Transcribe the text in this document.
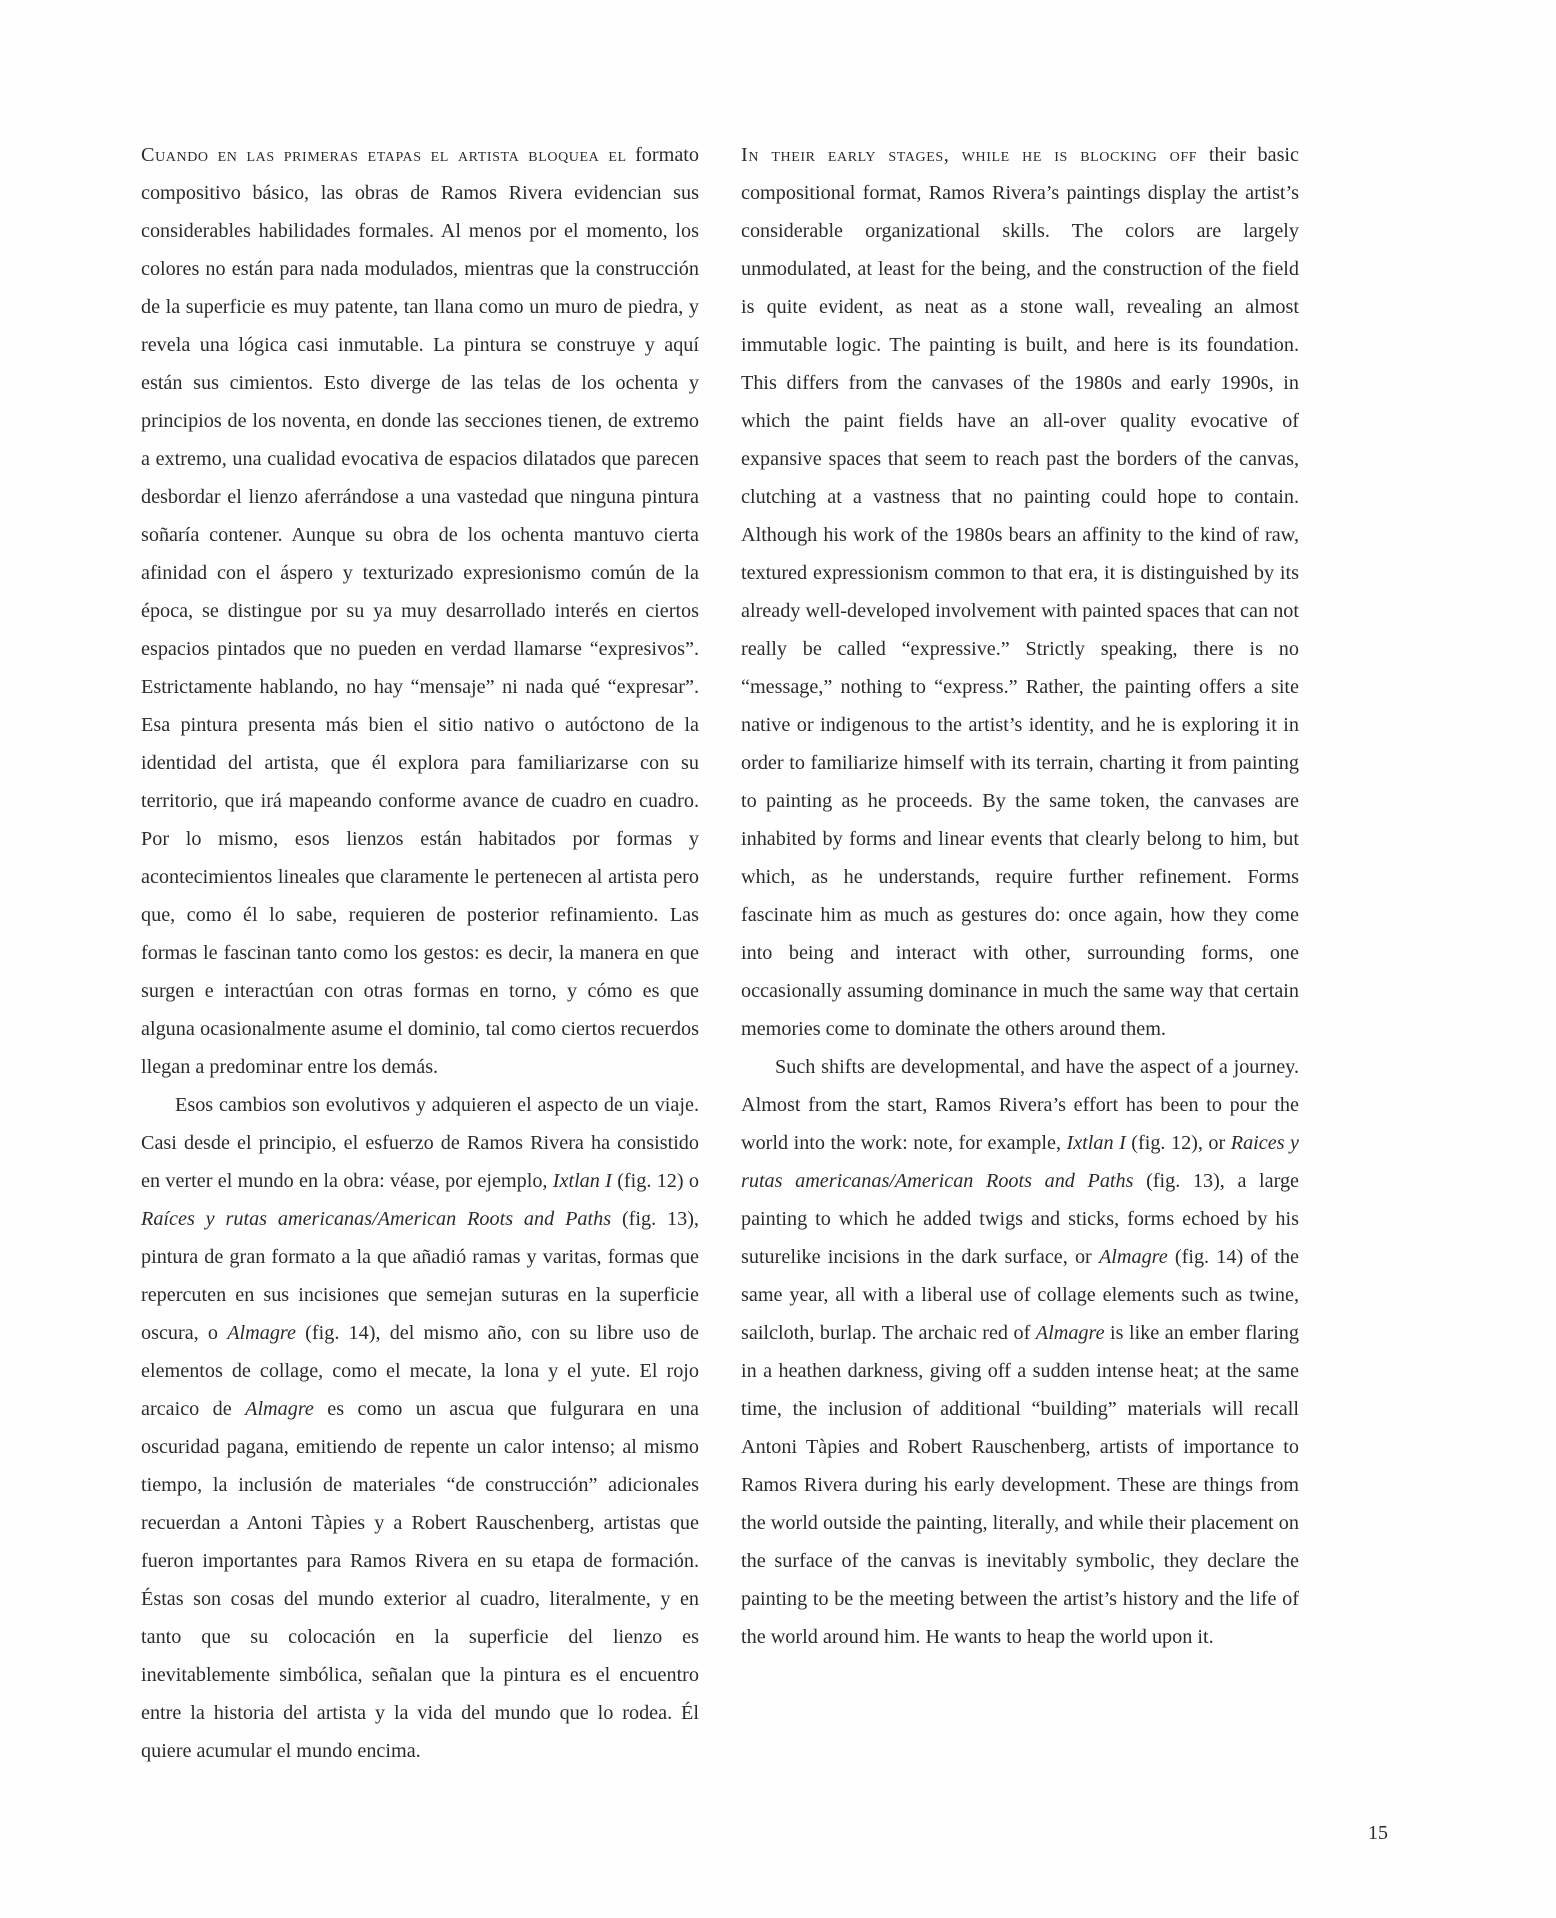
Cuando en las primeras etapas el artista bloquea el formato compositivo básico, las obras de Ramos Rivera evidencian sus considerables habilidades formales. Al menos por el momento, los colores no están para nada modulados, mientras que la construcción de la superficie es muy patente, tan llana como un muro de piedra, y revela una lógica casi inmutable. La pintura se construye y aquí están sus cimientos. Esto diverge de las telas de los ochenta y principios de los noventa, en donde las secciones tienen, de extremo a extremo, una cualidad evocativa de espacios dilatados que parecen desbordar el lienzo aferrándose a una vastedad que ninguna pintura soñaría contener. Aunque su obra de los ochenta mantuvo cierta afinidad con el áspero y texturizado expresionismo común de la época, se distingue por su ya muy desarrollado interés en ciertos espacios pintados que no pueden en verdad llamarse “expresivos”. Estrictamente hablando, no hay “mensaje” ni nada qué “expresar”. Esa pintura presenta más bien el sitio nativo o autóctono de la identidad del artista, que él explora para familiarizarse con su territorio, que irá mapeando conforme avance de cuadro en cuadro. Por lo mismo, esos lienzos están habitados por formas y acontecimientos lineales que claramente le pertenecen al artista pero que, como él lo sabe, requieren de posterior refinamiento. Las formas le fascinan tanto como los gestos: es decir, la manera en que surgen e interactúan con otras formas en torno, y cómo es que alguna ocasionalmente asume el dominio, tal como ciertos recuerdos llegan a predominar entre los demás.

Esos cambios son evolutivos y adquieren el aspecto de un viaje. Casi desde el principio, el esfuerzo de Ramos Rivera ha consistido en verter el mundo en la obra: véase, por ejemplo, Ixtlan I (fig. 12) o Raíces y rutas americanas/American Roots and Paths (fig. 13), pintura de gran formato a la que añadió ramas y varitas, formas que repercuten en sus incisiones que semejan suturas en la superficie oscura, o Almagre (fig. 14), del mismo año, con su libre uso de elementos de collage, como el mecate, la lona y el yute. El rojo arcaico de Almagre es como un ascua que fulgurara en una oscuridad pagana, emitiendo de repente un calor intenso; al mismo tiempo, la inclusión de materiales “de construcción” adicionales recuerdan a Antoni Tàpies y a Robert Rauschenberg, artistas que fueron importantes para Ramos Rivera en su etapa de formación. Éstas son cosas del mundo exterior al cuadro, literalmente, y en tanto que su colocación en la superficie del lienzo es inevitablemente simbólica, señalan que la pintura es el encuentro entre la historia del artista y la vida del mundo que lo rodea. Él quiere acumular el mundo encima.

In their early stages, while he is blocking off their basic compositional format, Ramos Rivera’s paintings display the artist’s considerable organizational skills. The colors are largely unmodulated, at least for the being, and the construction of the field is quite evident, as neat as a stone wall, revealing an almost immutable logic. The painting is built, and here is its foundation. This differs from the canvases of the 1980s and early 1990s, in which the paint fields have an all-over quality evocative of expansive spaces that seem to reach past the borders of the canvas, clutching at a vastness that no painting could hope to contain. Although his work of the 1980s bears an affinity to the kind of raw, textured expressionism common to that era, it is distinguished by its already well-developed involvement with painted spaces that can not really be called “expressive.” Strictly speaking, there is no “message,” nothing to “express.” Rather, the painting offers a site native or indigenous to the artist’s identity, and he is exploring it in order to familiarize himself with its terrain, charting it from painting to painting as he proceeds. By the same token, the canvases are inhabited by forms and linear events that clearly belong to him, but which, as he understands, require further refinement. Forms fascinate him as much as gestures do: once again, how they come into being and interact with other, surrounding forms, one occasionally assuming dominance in much the same way that certain memories come to dominate the others around them.

Such shifts are developmental, and have the aspect of a journey. Almost from the start, Ramos Rivera’s effort has been to pour the world into the work: note, for example, Ixtlan I (fig. 12), or Raices y rutas americanas/American Roots and Paths (fig. 13), a large painting to which he added twigs and sticks, forms echoed by his suturelike incisions in the dark surface, or Almagre (fig. 14) of the same year, all with a liberal use of collage elements such as twine, sailcloth, burlap. The archaic red of Almagre is like an ember flaring in a heathen darkness, giving off a sudden intense heat; at the same time, the inclusion of additional “building” materials will recall Antoni Tàpies and Robert Rauschenberg, artists of importance to Ramos Rivera during his early development. These are things from the world outside the painting, literally, and while their placement on the surface of the canvas is inevitably symbolic, they declare the painting to be the meeting between the artist’s history and the life of the world around him. He wants to heap the world upon it.

15
